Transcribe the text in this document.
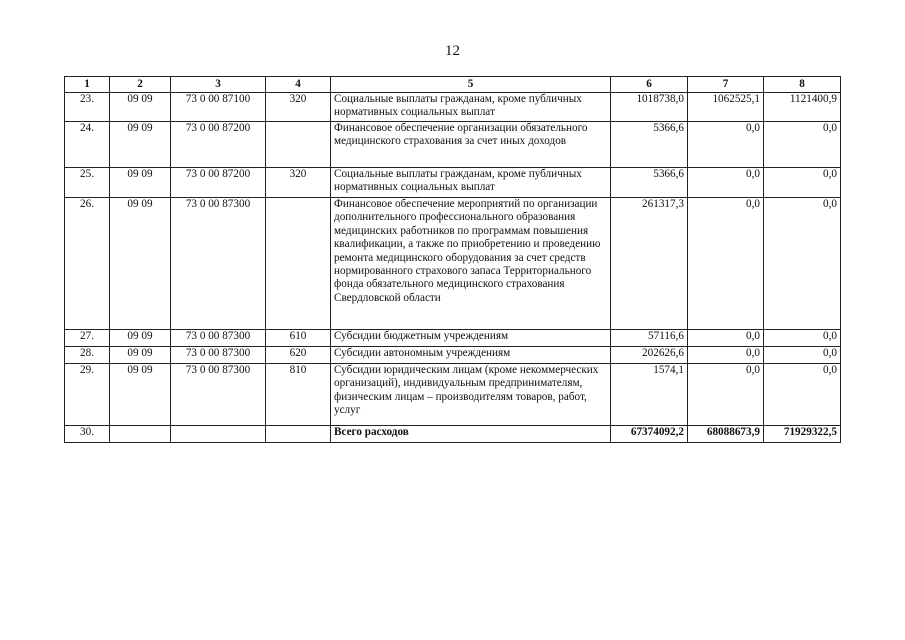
12
1	2	3	4	5	6	7	8
23.	09 09	73 0 00 87100	320	Социальные выплаты гражданам, кроме публичных нормативных социальных выплат	1018738,0	1062525,1	1121400,9
24.	09 09	73 0 00 87200		Финансовое обеспечение организации обязательного медицинского страхования за счет иных доходов	5366,6	0,0	0,0
25.	09 09	73 0 00 87200	320	Социальные выплаты гражданам, кроме публичных нормативных социальных выплат	5366,6	0,0	0,0
26.	09 09	73 0 00 87300		Финансовое обеспечение мероприятий по организации дополнительного профессионального образования медицинских работников по программам повышения квалификации, а также по приобретению и проведению ремонта медицинского оборудования за счет средств нормированного страхового запаса Территориального фонда обязательного медицинского страхования Свердловской области	261317,3	0,0	0,0
27.	09 09	73 0 00 87300	610	Субсидии бюджетным учреждениям	57116,6	0,0	0,0
28.	09 09	73 0 00 87300	620	Субсидии автономным учреждениям	202626,6	0,0	0,0
29.	09 09	73 0 00 87300	810	Субсидии юридическим лицам (кроме некоммерческих организаций), индивидуальным предпринимателям, физическим лицам – производителям товаров, работ, услуг	1574,1	0,0	0,0
30.				Всего расходов	67374092,2	68088673,9	71929322,5
